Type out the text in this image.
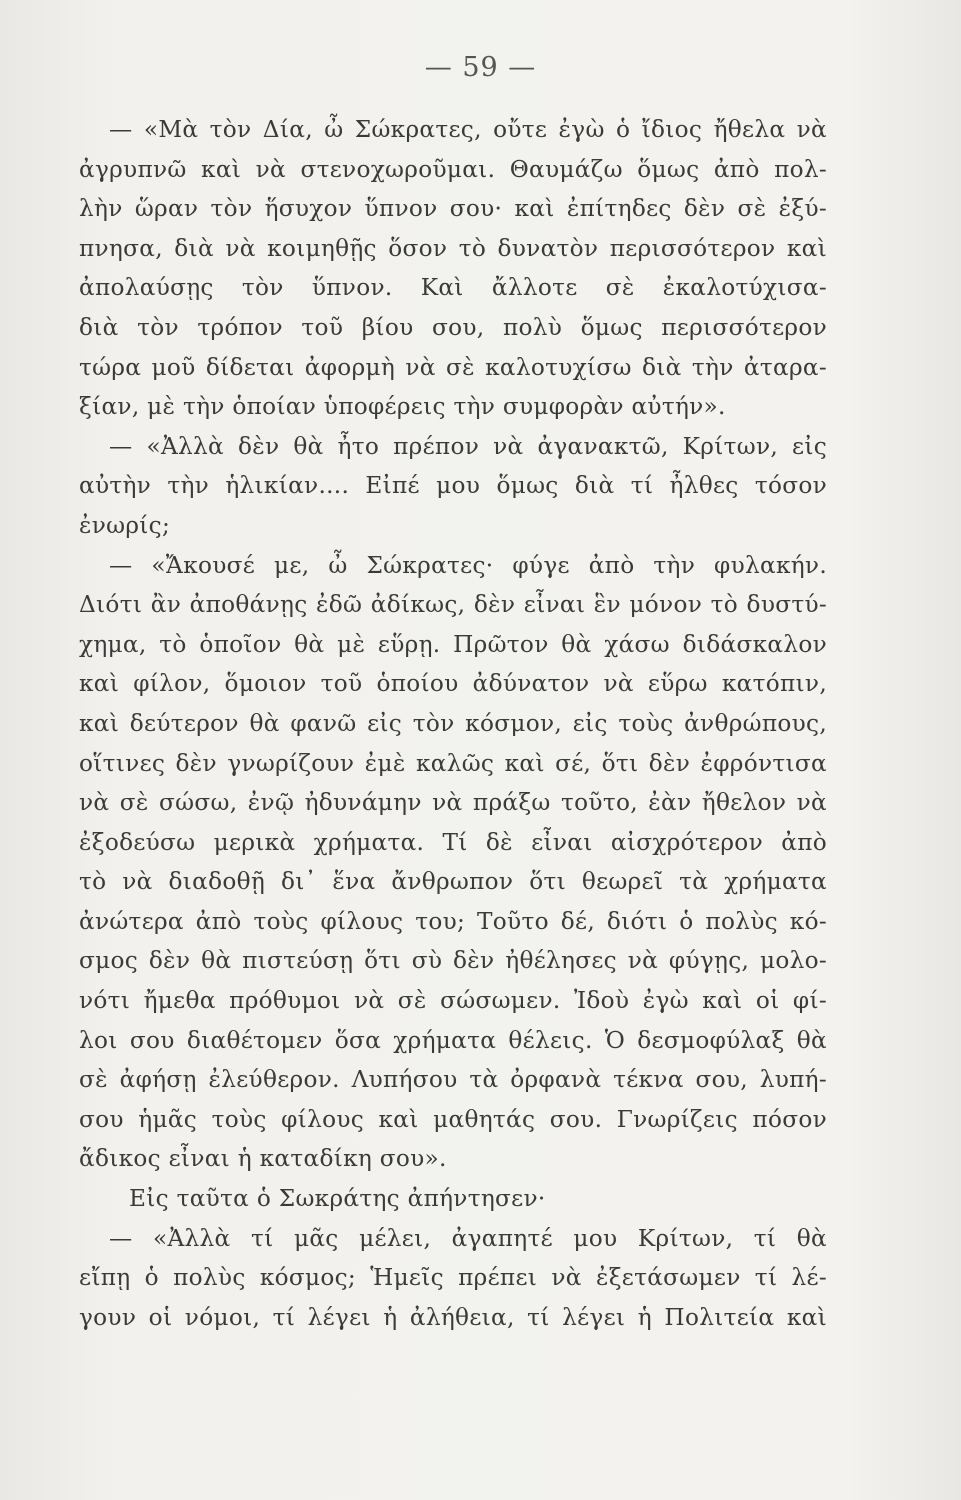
— 59 —
— «Μὰ τὸν Δία, ὦ Σώκρατες, οὔτε ἐγὼ ὁ ἴδιος ἤθελα νὰ
ἀγρυπνῶ καὶ νὰ στενοχωροῦμαι. Θαυμάζω ὅμως ἀπὸ πολ-
λὴν ὥραν τὸν ἥσυχον ὕπνον σου· καὶ ἐπίτηδες δὲν σὲ ἐξύ-
πνησα, διὰ νὰ κοιμηθῇς ὅσον τὸ δυνατὸν περισσότερον καὶ
ἀπολαύσῃς τὸν ὕπνον. Καὶ ἄλλοτε σὲ ἐκαλοτύχισα-
διὰ τὸν τρόπον τοῦ βίου σου, πολὺ ὅμως περισσότερον
τώρα μοῦ δίδεται ἀφορμὴ νὰ σὲ καλοτυχίσω διὰ τὴν ἀταρα-
ξίαν, μὲ τὴν ὁποίαν ὑποφέρεις τὴν συμφορὰν αὐτήν».
— «Ἀλλὰ δὲν θὰ ἦτο πρέπον νὰ ἀγανακτῶ, Κρίτων, εἰς
αὐτὴν τὴν ἡλικίαν.... Εἰπέ μου ὅμως διὰ τί ἦλθες τόσον
ἐνωρίς;
— «Ἄκουσέ με, ὦ Σώκρατες· φύγε ἀπὸ τὴν φυλακήν.
Διότι ἂν ἀποθάνῃς ἐδῶ ἀδίκως, δὲν εἶναι ἓν μόνον τὸ δυστύ-
χημα, τὸ ὁποῖον θὰ μὲ εὕρῃ. Πρῶτον θὰ χάσω διδάσκαλον
καὶ φίλον, ὅμοιον τοῦ ὁποίου ἀδύνατον νὰ εὕρω κατόπιν,
καὶ δεύτερον θὰ φανῶ εἰς τὸν κόσμον, εἰς τοὺς ἀνθρώπους,
οἵτινες δὲν γνωρίζουν ἐμὲ καλῶς καὶ σέ, ὅτι δὲν ἐφρόντισα
νὰ σὲ σώσω, ἐνῷ ἠδυνάμην νὰ πράξω τοῦτο, ἐὰν ἤθελον νὰ
ἐξοδεύσω μερικὰ χρήματα. Τί δὲ εἶναι αἰσχρότερον ἀπὸ
τὸ νὰ διαδοθῇ δι᾽ ἕνα ἄνθρωπον ὅτι θεωρεῖ τὰ χρήματα
ἀνώτερα ἀπὸ τοὺς φίλους του; Τοῦτο δέ, διότι ὁ πολὺς κό-
σμος δὲν θὰ πιστεύσῃ ὅτι σὺ δὲν ἠθέλησες νὰ φύγῃς, μολο-
νότι ἤμεθα πρόθυμοι νὰ σὲ σώσωμεν. Ἰδοὺ ἐγὼ καὶ οἱ φί-
λοι σου διαθέτομεν ὅσα χρήματα θέλεις. Ὁ δεσμοφύλαξ θὰ
σὲ ἀφήσῃ ἐλεύθερον. Λυπήσου τὰ ὀρφανὰ τέκνα σου, λυπή-
σου ἡμᾶς τοὺς φίλους καὶ μαθητάς σου. Γνωρίζεις πόσον
ἄδικος εἶναι ἡ καταδίκη σου».
Εἰς ταῦτα ὁ Σωκράτης ἀπήντησεν·
— «Ἀλλὰ τί μᾶς μέλει, ἀγαπητέ μου Κρίτων, τί θὰ
εἴπῃ ὁ πολὺς κόσμος; Ἡμεῖς πρέπει νὰ ἐξετάσωμεν τί λέ-
γουν οἱ νόμοι, τί λέγει ἡ ἀλήθεια, τί λέγει ἡ Πολιτεία καὶ
